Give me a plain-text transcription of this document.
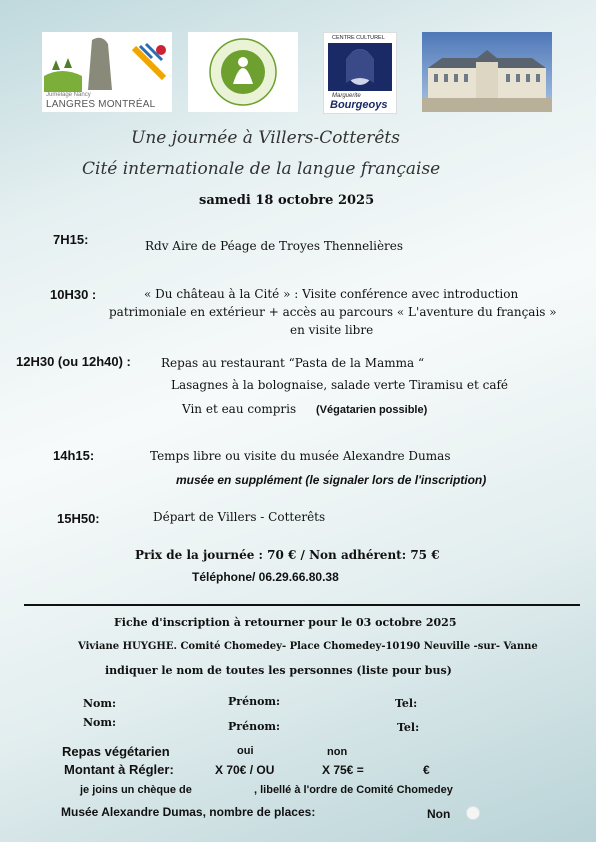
Jumelage Nancy
LANGRES MONTRÉAL
CENTRE CULTUREL
Marguerite
Bourgeoys
Une journée à Villers-Cotterêts
Cité internationale de la langue française
samedi 18 octobre 2025
7H15:	Rdv Aire de Péage de Troyes Thennelières
10H30 :	« Du château à la Cité » : Visite conférence avec introduction
patrimoniale en extérieur + accès au parcours « L'aventure du français »
en visite libre
12H30 (ou 12h40) :	Repas au restaurant “Pasta de la Mamma “
Lasagnes à la bolognaise, salade verte Tiramisu et café
Vin et eau compris (Végatarien possible)
14h15:	Temps libre ou visite du musée Alexandre Dumas
musée en supplément (le signaler lors de l'inscription)
15H50:	Départ de Villers - Cotterêts
Prix de la journée : 70 € / Non adhérent: 75 €
Téléphone/ 06.29.66.80.38
Fiche d'inscription à retourner pour le 03 octobre 2025
Viviane HUYGHE. Comité Chomedey- Place Chomedey-10190 Neuville -sur- Vanne
indiquer le nom de toutes les personnes (liste pour bus)
Nom:	Prénom:	Tel:
Nom:	Prénom:	Tel:
Repas végétarien	oui	non
Montant à Régler:	X 70€ / OU	X 75€ =	€
je joins un chèque de	, libellé à l'ordre de Comité Chomedey
Musée Alexandre Dumas, nombre de places:	Non
